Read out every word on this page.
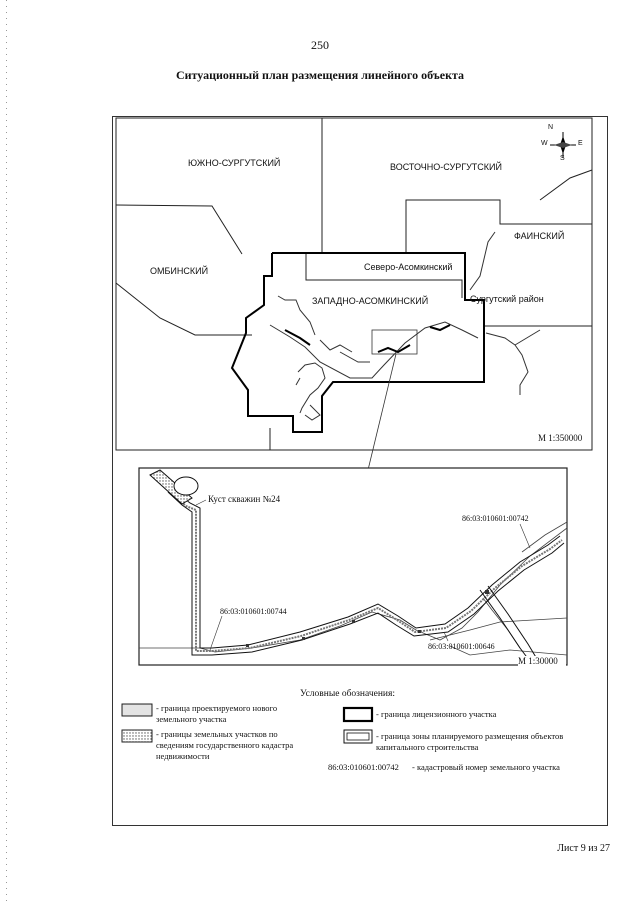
250
Ситуационный план размещения линейного объекта
N
S
W	E
ЮЖНО-СУРГУТСКИЙ	ВОСТОЧНО-СУРГУТСКИЙ
ФАИНСКИЙ
ОМБИНСКИЙ	Северо-Асомкинский
ЗАПАДНО-АСОМКИНСКИЙ	Сургутский район
М 1:350000
Куст скважин №24
86:03:010601:00742
86:03:010601:00744
86:03:010601:00646
М 1:30000
Условные обозначения:
- граница проектируемого нового земельного участка
- границы земельных участков по сведениям государственного кадастра недвижимости
- граница лицензионного участка
- граница зоны планируемого размещения объектов капитального строительства
86:03:010601:00742 - кадастровый номер земельного участка
Лист 9 из 27
